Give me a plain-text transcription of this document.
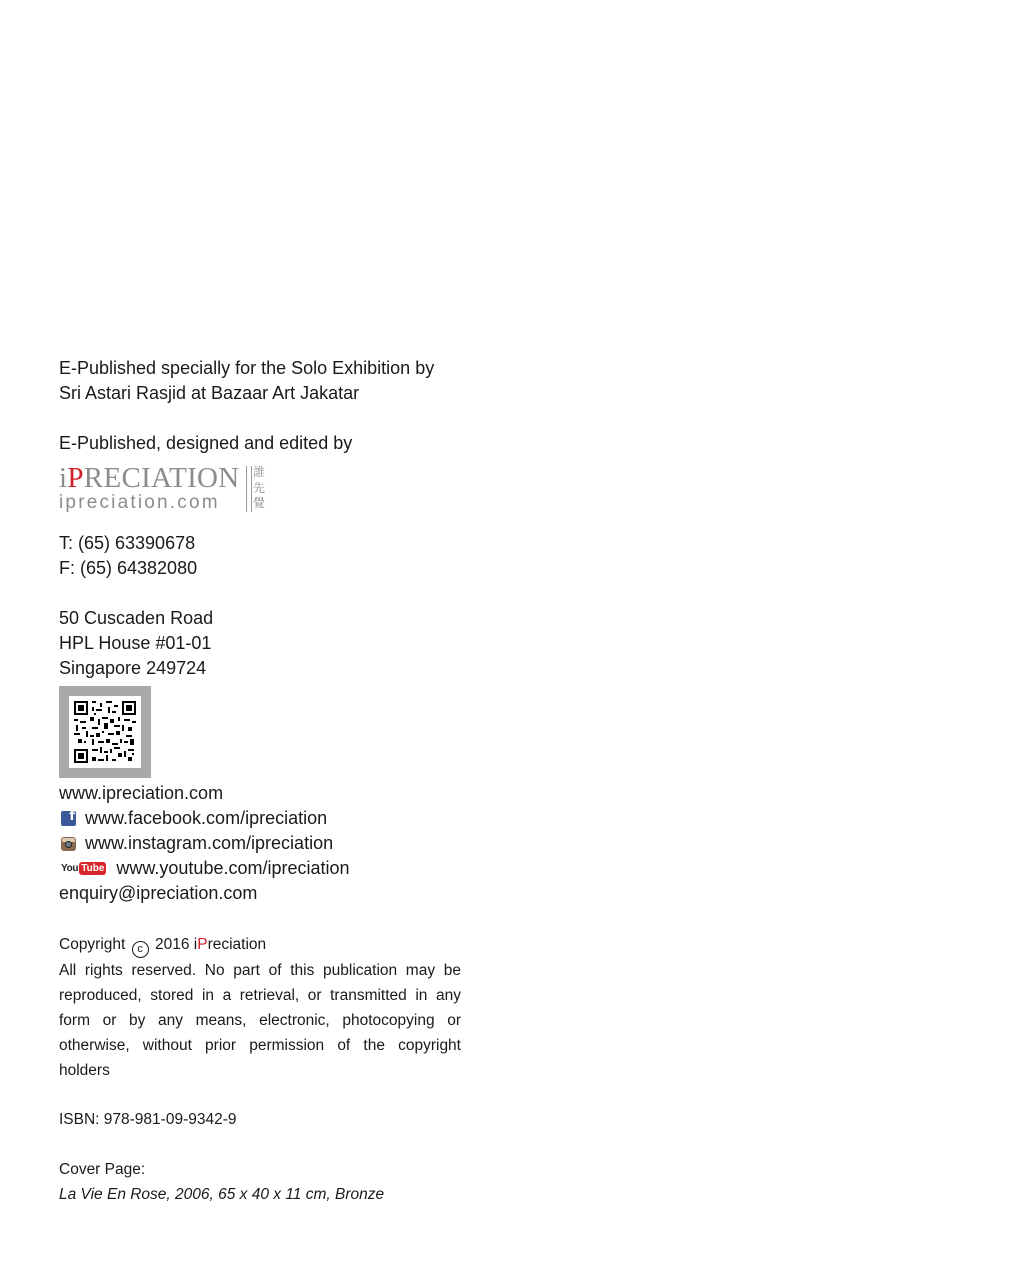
E-Published specially for the Solo Exhibition by
Sri Astari Rasjid at Bazaar Art Jakatar
E-Published, designed and edited by
iPRECIATION
ipreciation.com
誰
先
覺
T: (65) 63390678
F: (65) 64382080
50 Cuscaden Road
HPL House #01-01
Singapore 249724
www.ipreciation.com
f
www.facebook.com/ipreciation
www.instagram.com/ipreciation
You Tube www.youtube.com/ipreciation
enquiry@ipreciation.com
Copyright c 2016 iPreciation
All rights reserved. No part of this publication may be reproduced, stored in a retrieval, or transmitted in any form or by any means, electronic, photocopying or otherwise, without prior permission of the copyright holders
ISBN: 978-981-09-9342-9
Cover Page:
La Vie En Rose, 2006, 65 x 40 x 11 cm, Bronze
